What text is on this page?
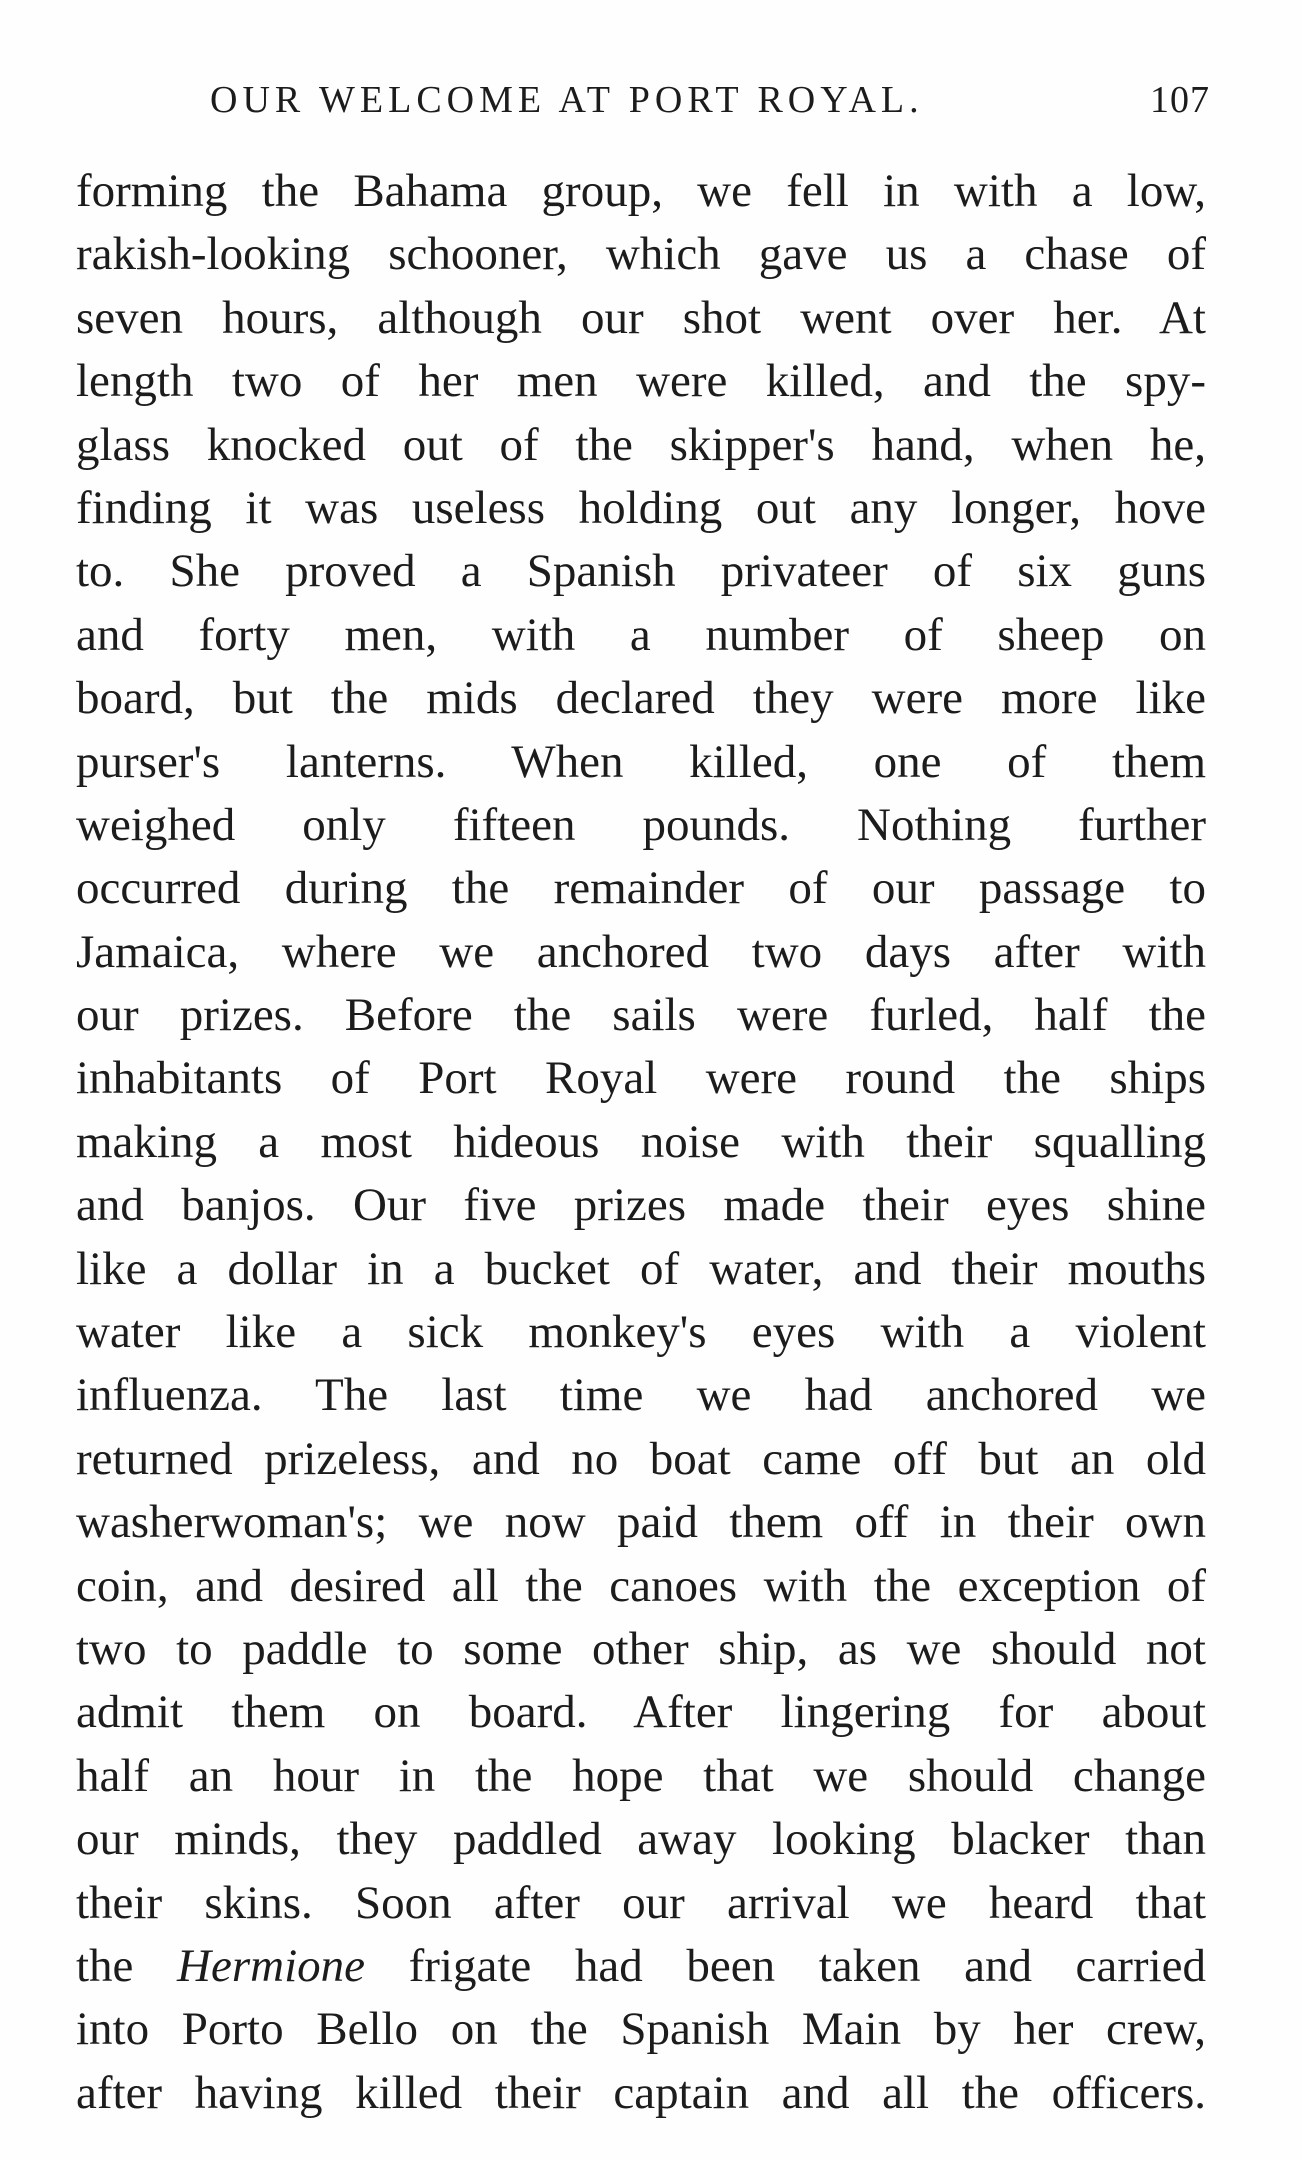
OUR WELCOME AT PORT ROYAL.	107
forming the Bahama group, we fell in with a low,
rakish-looking schooner, which gave us a chase of
seven hours, although our shot went over her. At
length two of her men were killed, and the spy-
glass knocked out of the skipper's hand, when he,
finding it was useless holding out any longer, hove
to. She proved a Spanish privateer of six guns
and forty men, with a number of sheep on
board, but the mids declared they were more like
purser's lanterns. When killed, one of them
weighed only fifteen pounds. Nothing further
occurred during the remainder of our passage to
Jamaica, where we anchored two days after with
our prizes. Before the sails were furled, half the
inhabitants of Port Royal were round the ships
making a most hideous noise with their squalling
and banjos. Our five prizes made their eyes shine
like a dollar in a bucket of water, and their mouths
water like a sick monkey's eyes with a violent
influenza. The last time we had anchored we
returned prizeless, and no boat came off but an old
washerwoman's; we now paid them off in their own
coin, and desired all the canoes with the exception of
two to paddle to some other ship, as we should not
admit them on board. After lingering for about
half an hour in the hope that we should change
our minds, they paddled away looking blacker than
their skins. Soon after our arrival we heard that
the Hermione frigate had been taken and carried
into Porto Bello on the Spanish Main by her crew,
after having killed their captain and all the officers.
